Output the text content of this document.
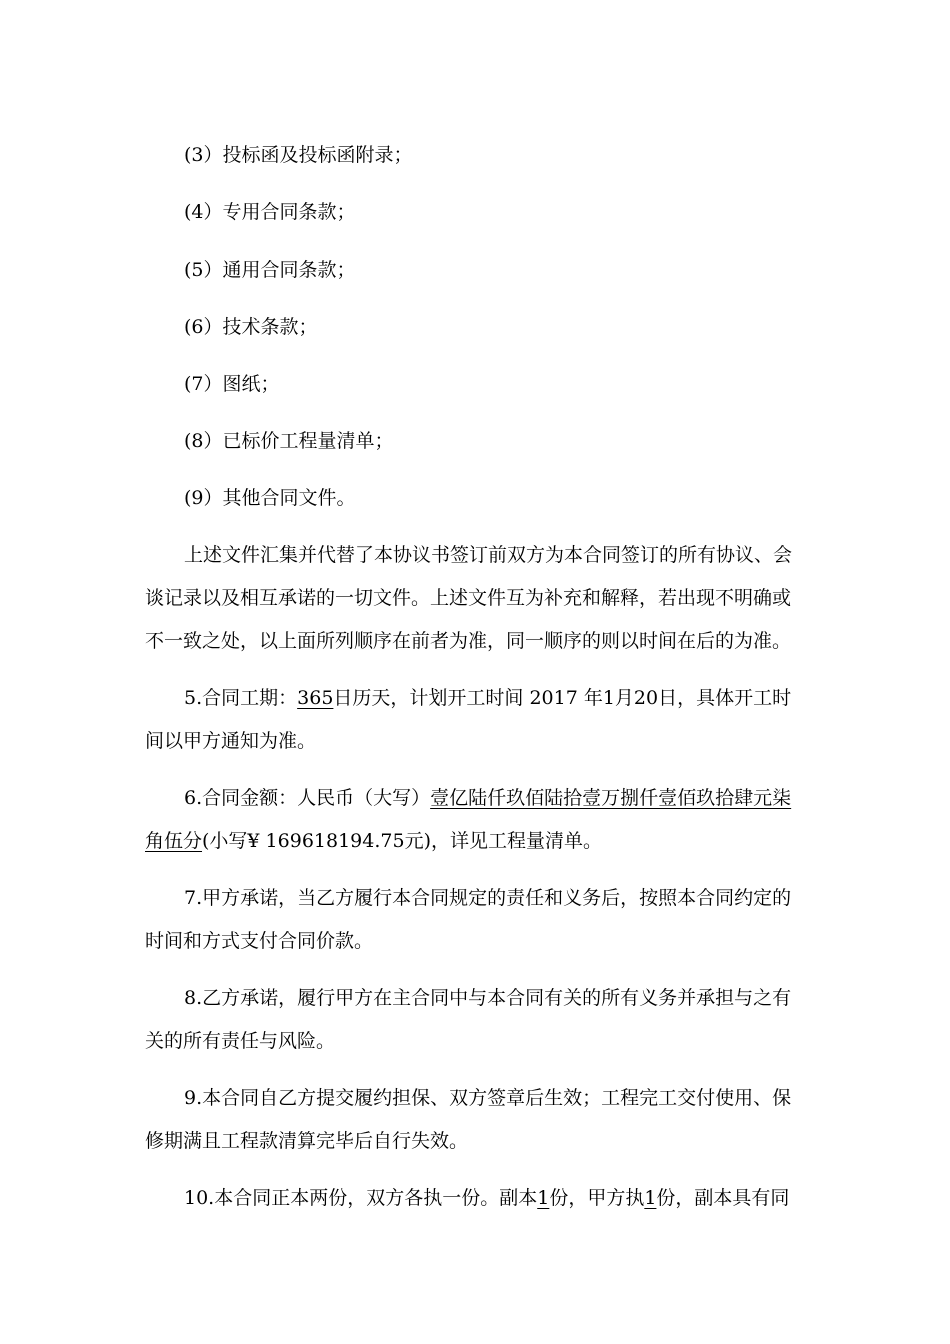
(3）投标函及投标函附录；
(4）专用合同条款；
(5）通用合同条款；
(6）技术条款；
(7）图纸；
(8）已标价工程量清单；
(9）其他合同文件。
上述文件汇集并代替了本协议书签订前双方为本合同签订的所有协议、会
谈记录以及相互承诺的一切文件。上述文件互为补充和解释，若出现不明确或
不一致之处，以上面所列顺序在前者为准，同一顺序的则以时间在后的为准。
5.合同工期：365日历天，计划开工时间 2017 年1月20日，具体开工时
间以甲方通知为准。
6.合同金额：人民币（大写）壹亿陆仟玖佰陆拾壹万捌仟壹佰玖拾肆元柒
角伍分(小写¥ 169618194.75元)，详见工程量清单。
7.甲方承诺，当乙方履行本合同规定的责任和义务后，按照本合同约定的
时间和方式支付合同价款。
8.乙方承诺，履行甲方在主合同中与本合同有关的所有义务并承担与之有
关的所有责任与风险。
9.本合同自乙方提交履约担保、双方签章后生效；工程完工交付使用、保
修期满且工程款清算完毕后自行失效。
10.本合同正本两份，双方各执一份。副本1份，甲方执1份，副本具有同
